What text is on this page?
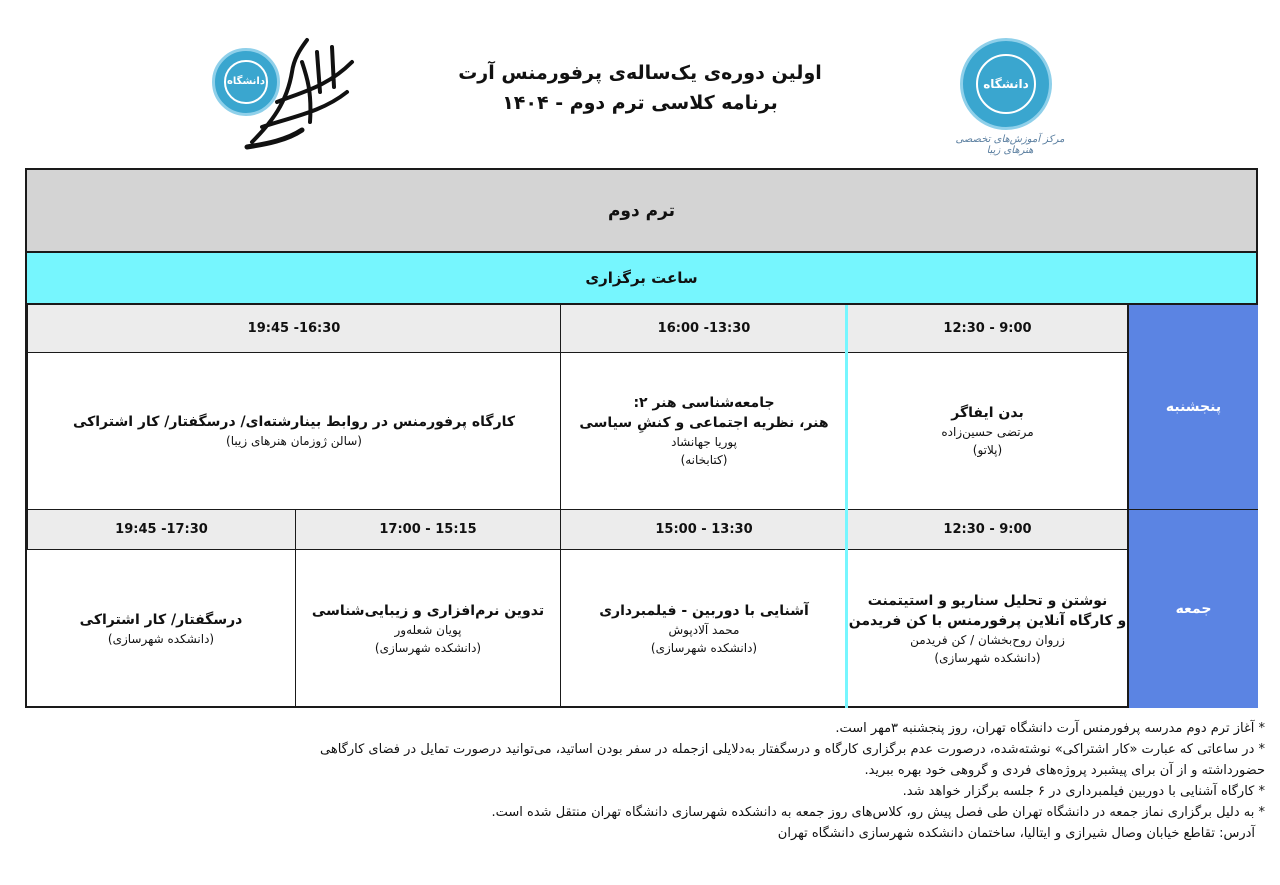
دانشگاه	اولین دوره‌ی یک‌ساله‌ی پرفورمنس آرت
برنامه کلاسی ترم دوم - ۱۴۰۴
دانشگاه
مرکز آموزش‌های تخصصی هنرهای زیبا
ترم دوم
ساعت برگزاری
پنجشنبه
9:00 - 12:30
13:30- 16:00
16:30- 19:45
بدن ایفاگر
مرتضی حسین‌زاده
(پلاتو)
جامعه‌شناسی هنر ۲:
هنر، نظریه اجتماعی و کنشِ سیاسی
پوریا جهانشاد
(کتابخانه)
کارگاه پرفورمنس در روابط بینارشته‌ای/ درسگفتار/ کار اشتراکی
(سالن ژوزمان هنرهای زیبا)
جمعه
9:00 - 12:30
13:30 - 15:00
15:15 - 17:00
17:30- 19:45
نوشتن و تحلیل سناریو و استیتمنت
و کارگاه آنلاین پرفورمنس با کن فریدمن
زروان روح‌بخشان / کن فریدمن
(دانشکده شهرسازی)
آشنایی با دوربین - فیلمبرداری
محمد آلادپوش
(دانشکده شهرسازی)
تدوین نرم‌افزاری و زیبایی‌شناسی
پویان شعله‌ور
(دانشکده شهرسازی)
درسگفتار/ کار اشتراکی
(دانشکده شهرسازی)
* آغاز ترم دوم مدرسه پرفورمنس آرت دانشگاه تهران، روز پنجشنبه ۳مهر است.
* در ساعاتی که عبارت «کار اشتراکی» نوشته‌شده، درصورت عدم برگزاری کارگاه و درسگفتار به‌دلایلی ازجمله در سفر بودن اساتید، می‌توانید درصورت تمایل در فضای کارگاهی
حضورداشته و از آن برای پیشبرد پروژه‌های فردی و گروهی خود بهره ببرید.
* کارگاه آشنایی با دوربین فیلمبرداری در ۶ جلسه برگزار خواهد شد.
* به دلیل برگزاری نماز جمعه در دانشگاه تهران طی فصل پیش رو، کلاس‌های روز جمعه به دانشکده شهرسازی دانشگاه تهران منتقل شده است.
آدرس: تقاطع خیابان وصال شیرازی و ایتالیا، ساختمان دانشکده شهرسازی دانشگاه تهران
